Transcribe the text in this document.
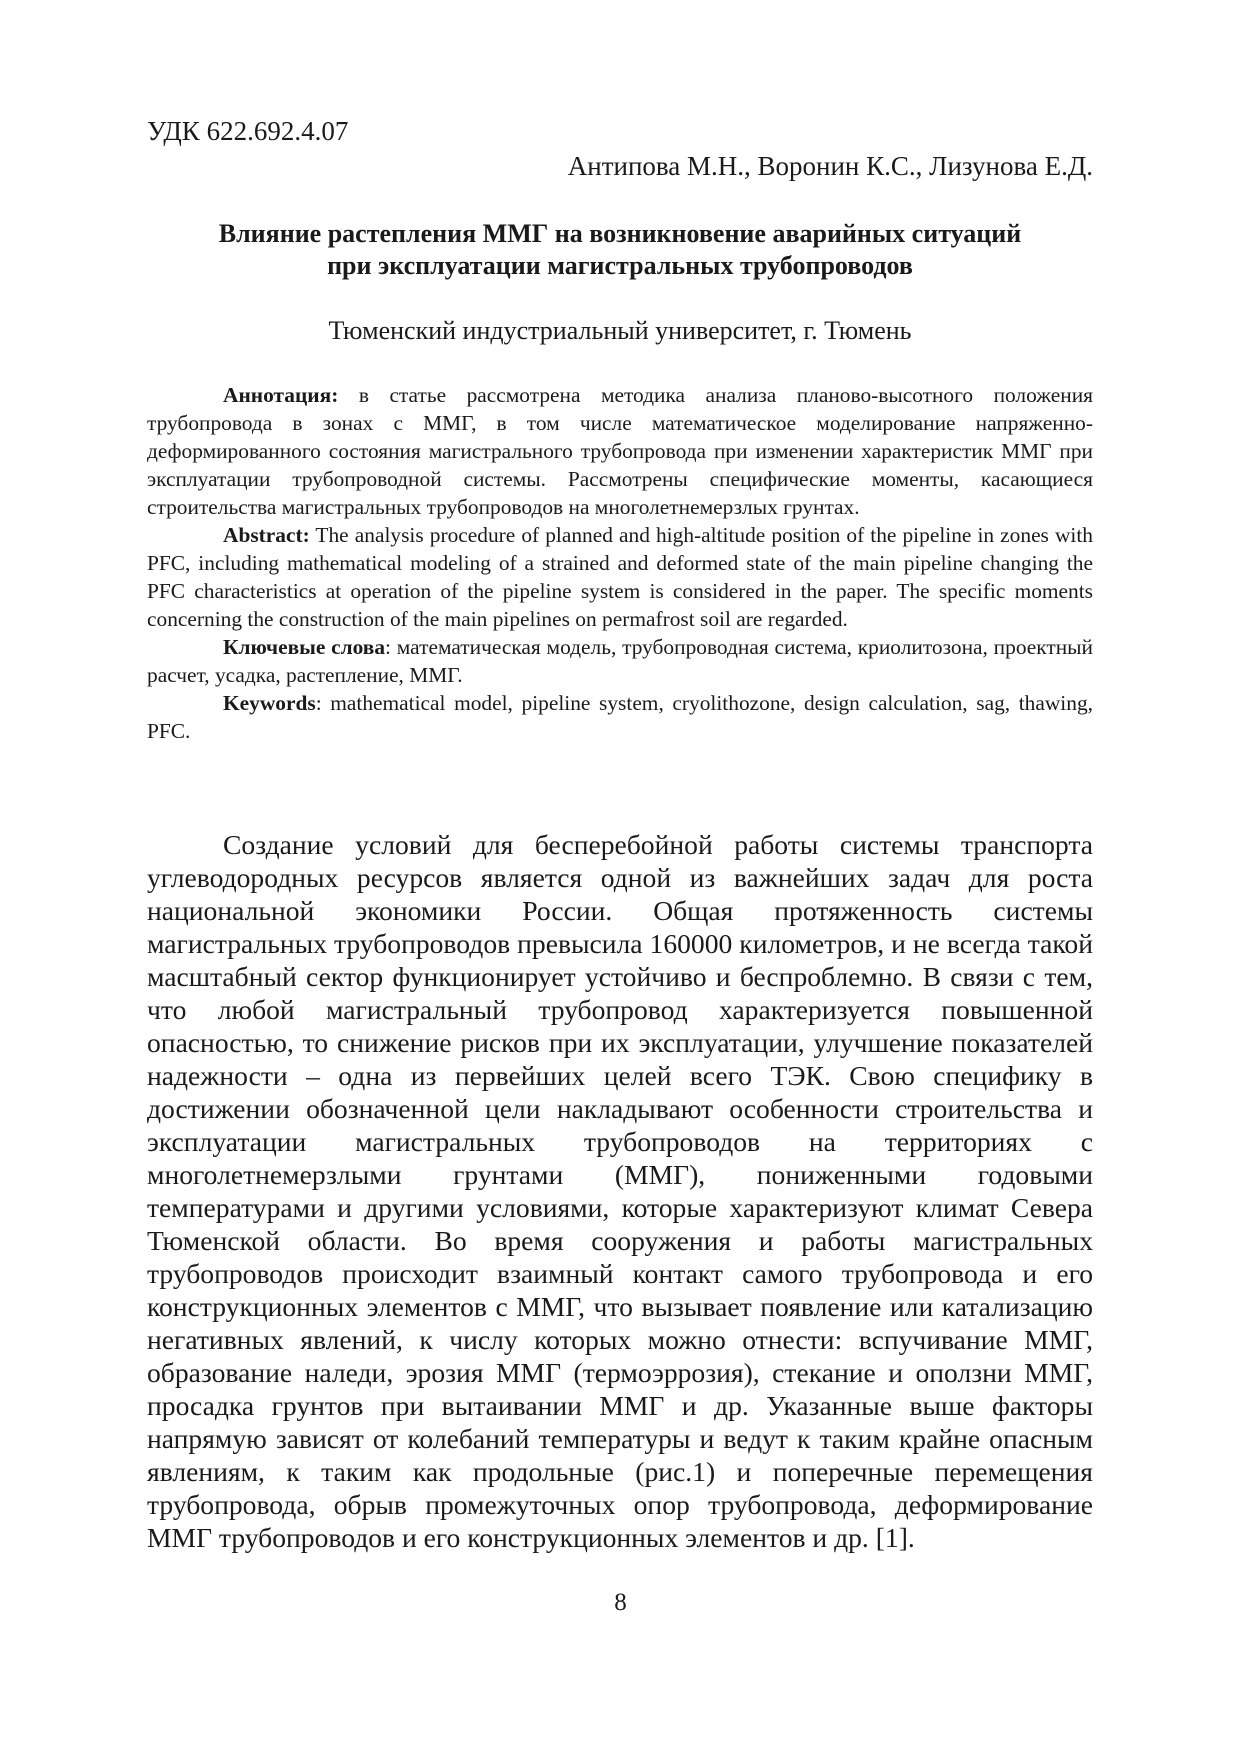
УДК 622.692.4.07
Антипова М.Н., Воронин К.С., Лизунова Е.Д.
Влияние растепления ММГ на возникновение аварийных ситуаций
при эксплуатации магистральных трубопроводов
Тюменский индустриальный университет, г. Тюмень
Аннотация: в статье рассмотрена методика анализа планово-высотного положения трубопровода в зонах с ММГ, в том числе математическое моделирование напряженно-деформированного состояния магистрального трубопровода при изменении характеристик ММГ при эксплуатации трубопроводной системы. Рассмотрены специфические моменты, касающиеся строительства магистральных трубопроводов на многолетнемерзлых грунтах.
Abstract: The analysis procedure of planned and high-altitude position of the pipeline in zones with PFC, including mathematical modeling of a strained and deformed state of the main pipeline changing the PFC characteristics at operation of the pipeline system is considered in the paper. The specific moments concerning the construction of the main pipelines on permafrost soil are regarded.
Ключевые слова: математическая модель, трубопроводная система, криолитозона, проектный расчет, усадка, растепление, ММГ.
Keywords: mathematical model, pipeline system, cryolithozone, design calculation, sag, thawing, PFC.
Создание условий для бесперебойной работы системы транспорта углеводородных ресурсов является одной из важнейших задач для роста национальной экономики России. Общая протяженность системы магистральных трубопроводов превысила 160000 километров, и не всегда такой масштабный сектор функционирует устойчиво и беспроблемно. В связи с тем, что любой магистральный трубопровод характеризуется повышенной опасностью, то снижение рисков при их эксплуатации, улучшение показателей надежности – одна из первейших целей всего ТЭК. Свою специфику в достижении обозначенной цели накладывают особенности строительства и эксплуатации магистральных трубопроводов на территориях с многолетнемерзлыми грунтами (ММГ), пониженными годовыми температурами и другими условиями, которые характеризуют климат Севера Тюменской области. Во время сооружения и работы магистральных трубопроводов происходит взаимный контакт самого трубопровода и его конструкционных элементов с ММГ, что вызывает появление или катализацию негативных явлений, к числу которых можно отнести: вспучивание ММГ, образование наледи, эрозия ММГ (термоэррозия), стекание и оползни ММГ, просадка грунтов при вытаивании ММГ и др. Указанные выше факторы напрямую зависят от колебаний температуры и ведут к таким крайне опасным явлениям, к таким как продольные (рис.1) и поперечные перемещения трубопровода, обрыв промежуточных опор трубопровода, деформирование ММГ трубопроводов и его конструкционных элементов и др. [1].
8
